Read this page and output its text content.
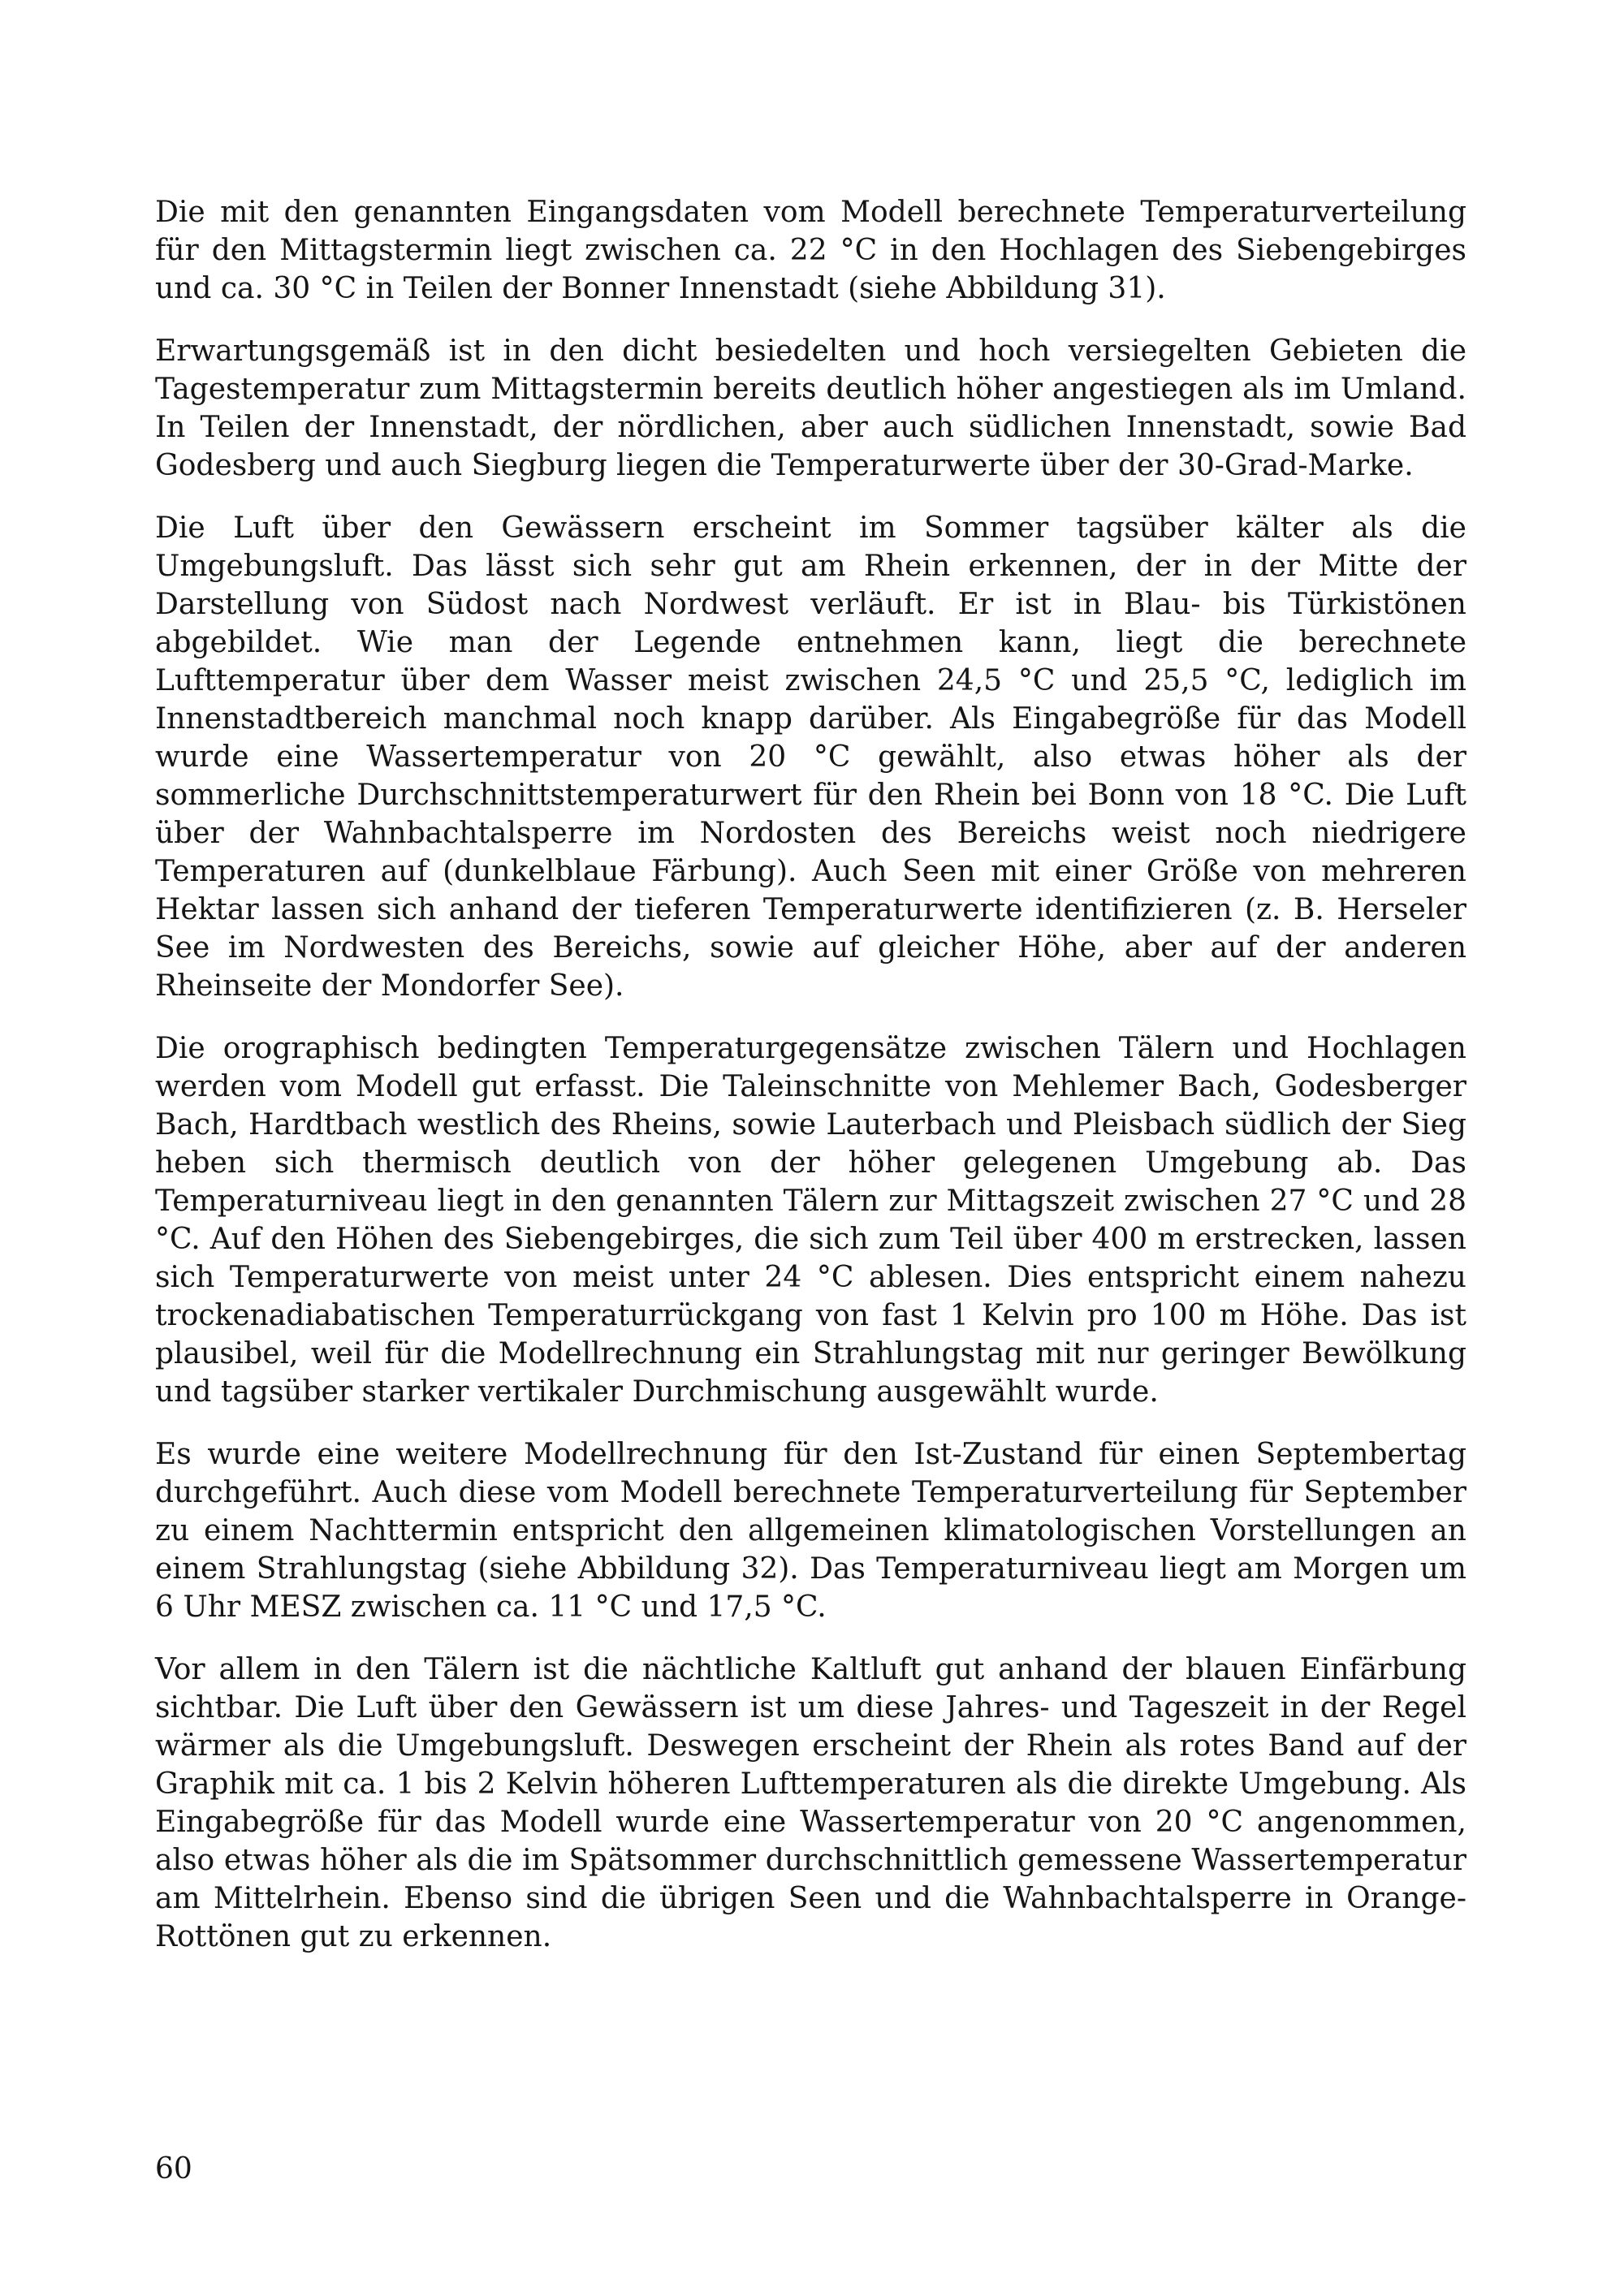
Die mit den genannten Eingangsdaten vom Modell berechnete Temperaturverteilung für den Mittagstermin liegt zwischen ca. 22 °C in den Hochlagen des Siebengebirges und ca. 30 °C in Teilen der Bonner Innenstadt (siehe Abbildung 31).

Erwartungsgemäß ist in den dicht besiedelten und hoch versiegelten Gebieten die Tagestemperatur zum Mittagstermin bereits deutlich höher angestiegen als im Umland. In Teilen der Innenstadt, der nördlichen, aber auch südlichen Innenstadt, sowie Bad Godesberg und auch Siegburg liegen die Temperaturwerte über der 30-Grad-Marke.

Die Luft über den Gewässern erscheint im Sommer tagsüber kälter als die Umgebungsluft. Das lässt sich sehr gut am Rhein erkennen, der in der Mitte der Darstellung von Südost nach Nordwest verläuft. Er ist in Blau- bis Türkistönen abgebildet. Wie man der Legende entnehmen kann, liegt die berechnete Lufttemperatur über dem Wasser meist zwischen 24,5 °C und 25,5 °C, lediglich im Innenstadtbereich manchmal noch knapp darüber. Als Eingabegröße für das Modell wurde eine Wassertemperatur von 20 °C gewählt, also etwas höher als der sommerliche Durchschnittstemperaturwert für den Rhein bei Bonn von 18 °C. Die Luft über der Wahnbachtalsperre im Nordosten des Bereichs weist noch niedrigere Temperaturen auf (dunkelblaue Färbung). Auch Seen mit einer Größe von mehreren Hektar lassen sich anhand der tieferen Temperaturwerte identifizieren (z. B. Herseler See im Nordwesten des Bereichs, sowie auf gleicher Höhe, aber auf der anderen Rheinseite der Mondorfer See).

Die orographisch bedingten Temperaturgegensätze zwischen Tälern und Hochlagen werden vom Modell gut erfasst. Die Taleinschnitte von Mehlemer Bach, Godesberger Bach, Hardtbach westlich des Rheins, sowie Lauterbach und Pleisbach südlich der Sieg heben sich thermisch deutlich von der höher gelegenen Umgebung ab. Das Temperaturniveau liegt in den genannten Tälern zur Mittagszeit zwischen 27 °C und 28 °C. Auf den Höhen des Siebengebirges, die sich zum Teil über 400 m erstrecken, lassen sich Temperaturwerte von meist unter 24 °C ablesen. Dies entspricht einem nahezu trockenadiabatischen Temperaturrückgang von fast 1 Kelvin pro 100 m Höhe. Das ist plausibel, weil für die Modellrechnung ein Strahlungstag mit nur geringer Bewölkung und tagsüber starker vertikaler Durchmischung ausgewählt wurde.

Es wurde eine weitere Modellrechnung für den Ist-Zustand für einen Septembertag durchgeführt. Auch diese vom Modell berechnete Temperaturverteilung für September zu einem Nachttermin entspricht den allgemeinen klimatologischen Vorstellungen an einem Strahlungstag (siehe Abbildung 32). Das Temperaturniveau liegt am Morgen um 6 Uhr MESZ zwischen ca. 11 °C und 17,5 °C.

Vor allem in den Tälern ist die nächtliche Kaltluft gut anhand der blauen Einfärbung sichtbar. Die Luft über den Gewässern ist um diese Jahres- und Tageszeit in der Regel wärmer als die Umgebungsluft. Deswegen erscheint der Rhein als rotes Band auf der Graphik mit ca. 1 bis 2 Kelvin höheren Lufttemperaturen als die direkte Umgebung. Als Eingabegröße für das Modell wurde eine Wassertemperatur von 20 °C angenommen, also etwas höher als die im Spätsommer durchschnittlich gemessene Wassertemperatur am Mittelrhein. Ebenso sind die übrigen Seen und die Wahnbachtalsperre in Orange-Rottönen gut zu erkennen.

60
